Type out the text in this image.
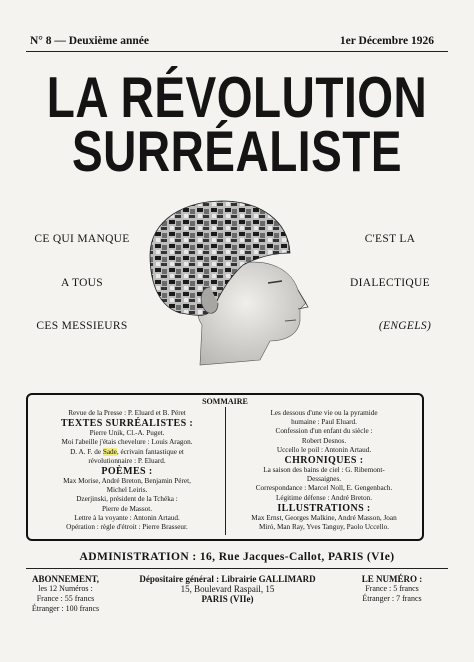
N° 8 — Deuxième année	1er Décembre 1926
LA RÉVOLUTION
SURRÉALISTE
CE QUI MANQUE
A TOUS
CES MESSIEURS
C'EST LA
DIALECTIQUE
(ENGELS)
SOMMAIRE
Revue de la Presse : P. Eluard et B. Péret
TEXTES SURRÉALISTES :
Pierre Unik, Cl.-A. Puget.
Moi l'abeille j'étais chevelure : Louis Aragon.
D. A. F. de Sade, écrivain fantastique et
révolutionnaire : P. Eluard.
POÈMES :
Max Morise, André Breton, Benjamin Péret,
Michel Leiris.
Dzerjinski, président de la Tchéka :
Pierre de Massot.
Lettre à la voyante : Antonin Artaud.
Opération : règle d'étroit : Pierre Brasseur.
Les dessous d'une vie ou la pyramide
humaine : Paul Eluard.
Confession d'un enfant du siècle :
Robert Desnos.
Uccello le poil : Antonin Artaud.
CHRONIQUES :
La saison des bains de ciel : G. Ribemont-
Dessaignes.
Correspondance : Marcel Noll, E. Gengenbach.
Légitime défense : André Breton.
ILLUSTRATIONS :
Max Ernst, Georges Malkine, André Masson, Joan
Miró, Man Ray, Yves Tanguy, Paolo Uccello.
ADMINISTRATION : 16, Rue Jacques-Callot, PARIS (VIe)
ABONNEMENT,
les 12 Numéros :
France : 55 francs
Étranger : 100 francs
Dépositaire général : Librairie GALLIMARD
15, Boulevard Raspail, 15
PARIS (VIIe)
LE NUMÉRO :
France : 5 francs
Étranger : 7 francs
